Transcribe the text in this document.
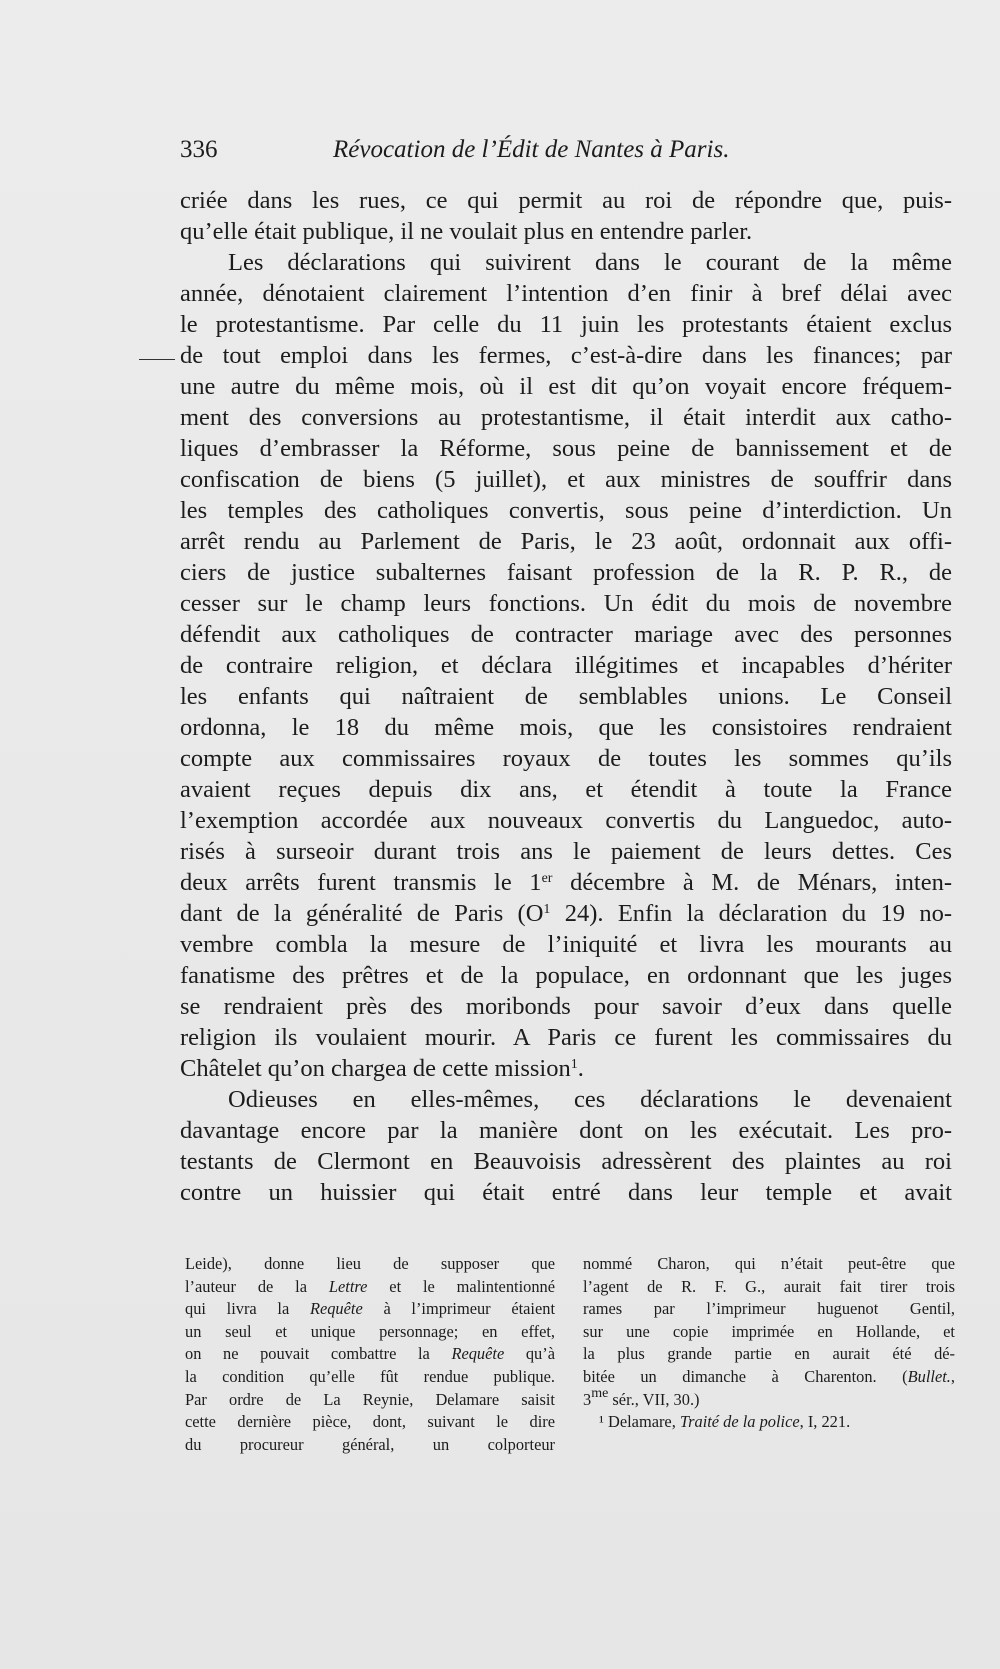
336	Révocation de l’Édit de Nantes à Paris.
criée dans les rues, ce qui permit au roi de répondre que, puis-
qu’elle était publique, il ne voulait plus en entendre parler.
Les déclarations qui suivirent dans le courant de la même
année, dénotaient clairement l’intention d’en finir à bref délai avec
le protestantisme. Par celle du 11 juin les protestants étaient exclus
de tout emploi dans les fermes, c’est-à-dire dans les finances; par
une autre du même mois, où il est dit qu’on voyait encore fréquem-
ment des conversions au protestantisme, il était interdit aux catho-
liques d’embrasser la Réforme, sous peine de bannissement et de
confiscation de biens (5 juillet), et aux ministres de souffrir dans
les temples des catholiques convertis, sous peine d’interdiction. Un
arrêt rendu au Parlement de Paris, le 23 août, ordonnait aux offi-
ciers de justice subalternes faisant profession de la R. P. R., de
cesser sur le champ leurs fonctions. Un édit du mois de novembre
défendit aux catholiques de contracter mariage avec des personnes
de contraire religion, et déclara illégitimes et incapables d’hériter
les enfants qui naîtraient de semblables unions. Le Conseil
ordonna, le 18 du même mois, que les consistoires rendraient
compte aux commissaires royaux de toutes les sommes qu’ils
avaient reçues depuis dix ans, et étendit à toute la France
l’exemption accordée aux nouveaux convertis du Languedoc, auto-
risés à surseoir durant trois ans le paiement de leurs dettes. Ces
deux arrêts furent transmis le 1er décembre à M. de Ménars, inten-
dant de la généralité de Paris ($O^1$ 24). Enfin la déclaration du 19 no-
vembre combla la mesure de l’iniquité et livra les mourants au
fanatisme des prêtres et de la populace, en ordonnant que les juges
se rendraient près des moribonds pour savoir d’eux dans quelle
religion ils voulaient mourir. A Paris ce furent les commissaires du
Châtelet qu’on chargea de cette mission$^1$.
Odieuses en elles-mêmes, ces déclarations le devenaient
davantage encore par la manière dont on les exécutait. Les pro-
testants de Clermont en Beauvoisis adressèrent des plaintes au roi
contre un huissier qui était entré dans leur temple et avait
Leide), donne lieu de supposer que
l’auteur de la Lettre et le malintentionné
qui livra la Requête à l’imprimeur étaient
un seul et unique personnage; en effet,
on ne pouvait combattre la Requête qu’à
la condition qu’elle fût rendue publique.
Par ordre de La Reynie, Delamare saisit
cette dernière pièce, dont, suivant le dire
du procureur général, un colporteur
nommé Charon, qui n’était peut-être que
l’agent de R. F. G., aurait fait tirer trois
rames par l’imprimeur huguenot Gentil,
sur une copie imprimée en Hollande, et
la plus grande partie en aurait été dé-
bitée un dimanche à Charenton. (Bullet.,
$3^{me}$ sér., VII, 30.)
¹ Delamare, Traité de la police, I, 221.
